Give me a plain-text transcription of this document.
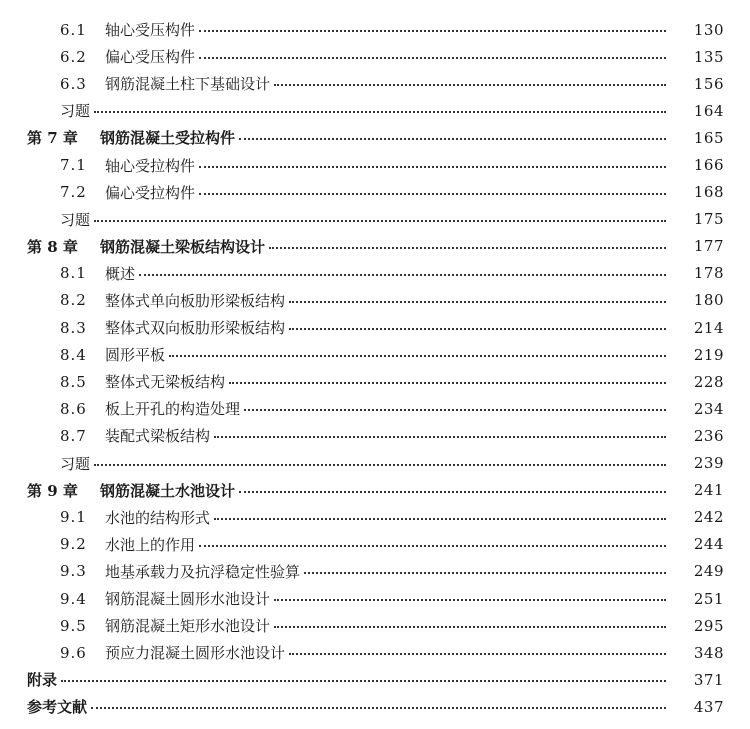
6.1	轴心受压构件	130
6.2	偏心受压构件	135
6.3	钢筋混凝土柱下基础设计	156
习题	164
第 7 章	钢筋混凝土受拉构件	165
7.1	轴心受拉构件	166
7.2	偏心受拉构件	168
习题	175
第 8 章	钢筋混凝土梁板结构设计	177
8.1	概述	178
8.2	整体式单向板肋形梁板结构	180
8.3	整体式双向板肋形梁板结构	214
8.4	圆形平板	219
8.5	整体式无梁板结构	228
8.6	板上开孔的构造处理	234
8.7	装配式梁板结构	236
习题	239
第 9 章	钢筋混凝土水池设计	241
9.1	水池的结构形式	242
9.2	水池上的作用	244
9.3	地基承载力及抗浮稳定性验算	249
9.4	钢筋混凝土圆形水池设计	251
9.5	钢筋混凝土矩形水池设计	295
9.6	预应力混凝土圆形水池设计	348
附录	371
参考文献	437
